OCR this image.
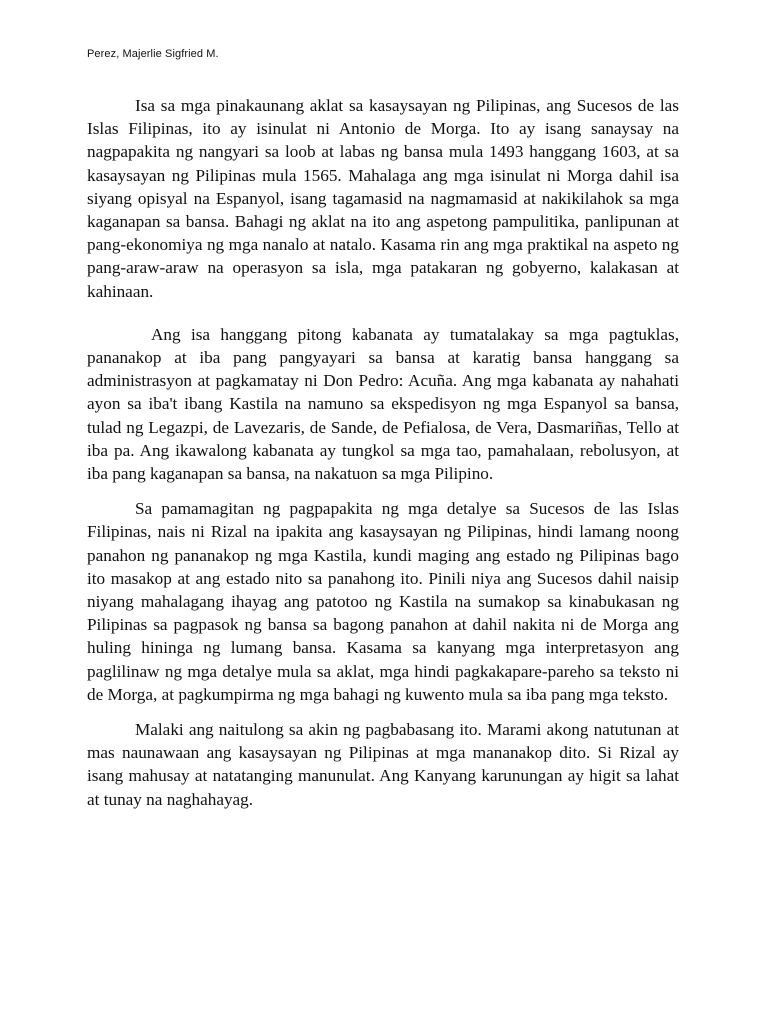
Perez, Majerlie Sigfried M.

Isa sa mga pinakaunang aklat sa kasaysayan ng Pilipinas, ang Sucesos de las Islas Filipinas, ito ay isinulat ni Antonio de Morga. Ito ay isang sanaysay na nagpapakita ng nangyari sa loob at labas ng bansa mula 1493 hanggang 1603, at sa kasaysayan ng Pilipinas mula 1565. Mahalaga ang mga isinulat ni Morga dahil isa siyang opisyal na Espanyol, isang tagamasid na nagmamasid at nakikilahok sa mga kaganapan sa bansa. Bahagi ng aklat na ito ang aspetong pampulitika, panlipunan at pang-ekonomiya ng mga nanalo at natalo. Kasama rin ang mga praktikal na aspeto ng pang-araw-araw na operasyon sa isla, mga patakaran ng gobyerno, kalakasan at kahinaan.

Ang isa hanggang pitong kabanata ay tumatalakay sa mga pagtuklas, pananakop at iba pang pangyayari sa bansa at karatig bansa hanggang sa administrasyon at pagkamatay ni Don Pedro: Acuña. Ang mga kabanata ay nahahati ayon sa iba't ibang Kastila na namuno sa ekspedisyon ng mga Espanyol sa bansa, tulad ng Legazpi, de Lavezaris, de Sande, de Pefialosa, de Vera, Dasmariñas, Tello at iba pa. Ang ikawalong kabanata ay tungkol sa mga tao, pamahalaan, rebolusyon, at iba pang kaganapan sa bansa, na nakatuon sa mga Pilipino.

Sa pamamagitan ng pagpapakita ng mga detalye sa Sucesos de las Islas Filipinas, nais ni Rizal na ipakita ang kasaysayan ng Pilipinas, hindi lamang noong panahon ng pananakop ng mga Kastila, kundi maging ang estado ng Pilipinas bago ito masakop at ang estado nito sa panahong ito. Pinili niya ang Sucesos dahil naisip niyang mahalagang ihayag ang patotoo ng Kastila na sumakop sa kinabukasan ng Pilipinas sa pagpasok ng bansa sa bagong panahon at dahil nakita ni de Morga ang huling hininga ng lumang bansa. Kasama sa kanyang mga interpretasyon ang paglilinaw ng mga detalye mula sa aklat, mga hindi pagkakapare-pareho sa teksto ni de Morga, at pagkumpirma ng mga bahagi ng kuwento mula sa iba pang mga teksto.

Malaki ang naitulong sa akin ng pagbabasang ito. Marami akong natutunan at mas naunawaan ang kasaysayan ng Pilipinas at mga mananakop dito. Si Rizal ay isang mahusay at natatanging manunulat. Ang Kanyang karunungan ay higit sa lahat at tunay na naghahayag.
